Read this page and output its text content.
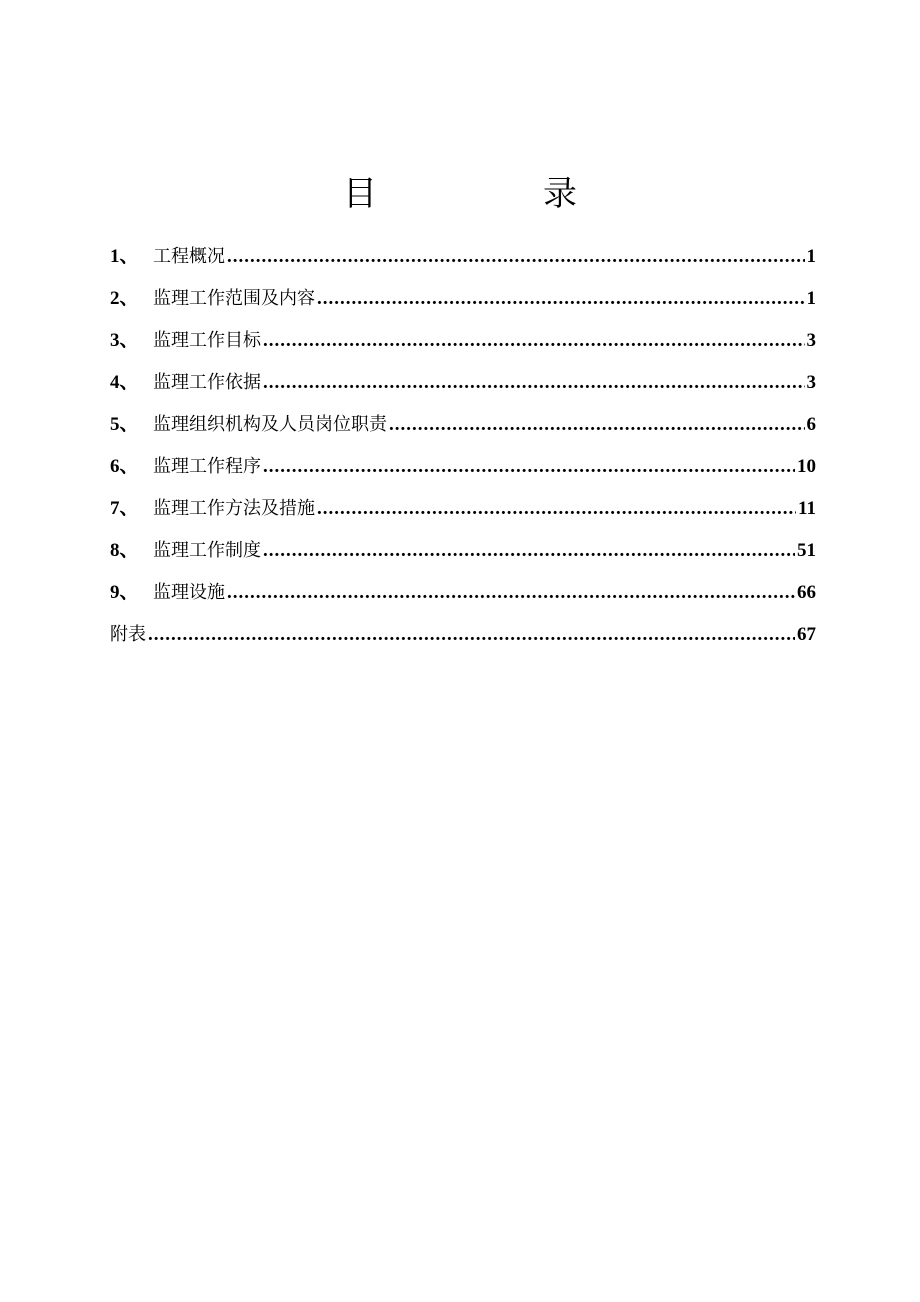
目　录
1、 工程概况 .....	1
2、 监理工作范围及内容 .....	1
3、 监理工作目标 .....	3
4、 监理工作依据 .....	3
5、 监理组织机构及人员岗位职责 .....	6
6、 监理工作程序 .....	10
7、 监理工作方法及措施 .....	11
8、 监理工作制度 .....	51
9、 监理设施 .....	66
附表 .....	67
